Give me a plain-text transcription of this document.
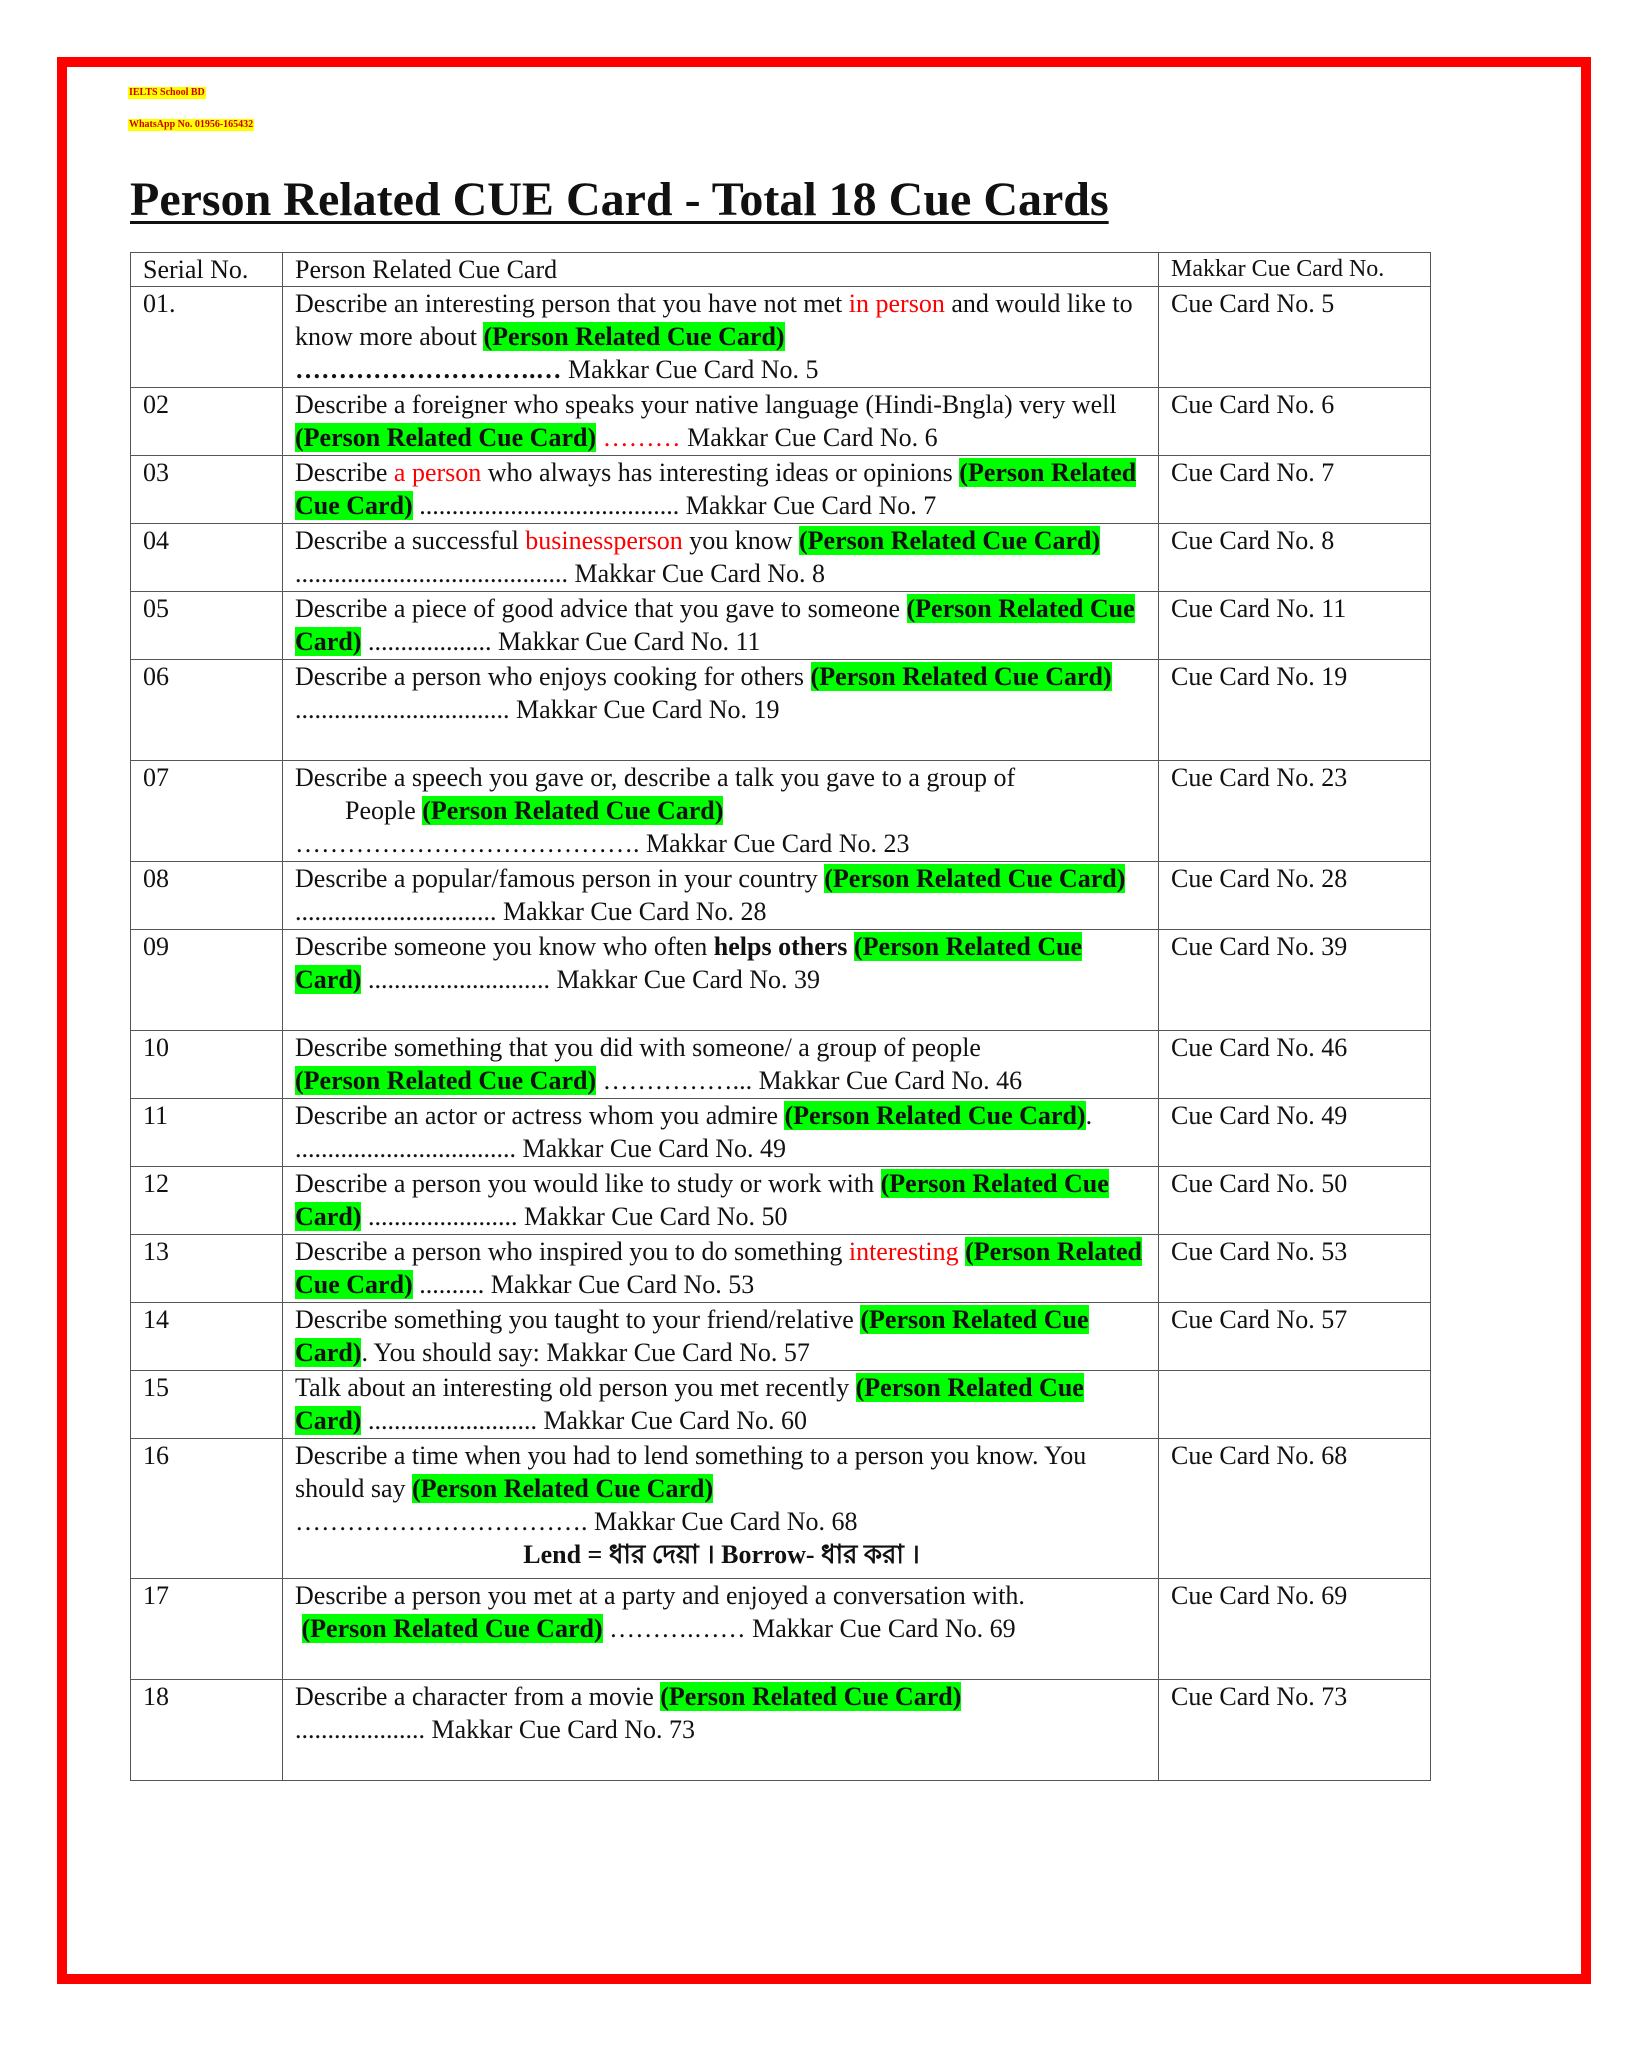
IELTS School BD
WhatsApp No. 01956-165432
Person Related CUE Card - Total 18 Cue Cards
Serial No.	Person Related Cue Card	Makkar Cue Card No.
01.	Describe an interesting person that you have not met in person and would like to know more about (Person Related Cue Card)
……………………….… Makkar Cue Card No. 5	Cue Card No. 5
02	Describe a foreigner who speaks your native language (Hindi-Bngla) very well (Person Related Cue Card) ……… Makkar Cue Card No. 6	Cue Card No. 6
03	Describe a person who always has interesting ideas or opinions (Person Related Cue Card) ........................................ Makkar Cue Card No. 7	Cue Card No. 7
04	Describe a successful businessperson you know (Person Related Cue Card) .......................................... Makkar Cue Card No. 8	Cue Card No. 8
05	Describe a piece of good advice that you gave to someone (Person Related Cue Card) ................... Makkar Cue Card No. 11	Cue Card No. 11
06	Describe a person who enjoys cooking for others (Person Related Cue Card) ................................. Makkar Cue Card No. 19	Cue Card No. 19
07	Describe a speech you gave or, describe a talk you gave to a group of
People (Person Related Cue Card)
…………………………………. Makkar Cue Card No. 23	Cue Card No. 23
08	Describe a popular/famous person in your country (Person Related Cue Card) ............................... Makkar Cue Card No. 28	Cue Card No. 28
09	Describe someone you know who often helps others (Person Related Cue Card) ............................ Makkar Cue Card No. 39	Cue Card No. 39
10	Describe something that you did with someone/ a group of people
(Person Related Cue Card) ……………... Makkar Cue Card No. 46	Cue Card No. 46
11	Describe an actor or actress whom you admire (Person Related Cue Card). .................................. Makkar Cue Card No. 49	Cue Card No. 49
12	Describe a person you would like to study or work with (Person Related Cue Card) ....................... Makkar Cue Card No. 50	Cue Card No. 50
13	Describe a person who inspired you to do something interesting (Person Related Cue Card) .......... Makkar Cue Card No. 53	Cue Card No. 53
14	Describe something you taught to your friend/relative (Person Related Cue Card). You should say: Makkar Cue Card No. 57	Cue Card No. 57
15	Talk about an interesting old person you met recently (Person Related Cue Card) .......................... Makkar Cue Card No. 60	
16	Describe a time when you had to lend something to a person you know. You should say (Person Related Cue Card)
……………………………. Makkar Cue Card No. 68
Lend = ধার দেয়া । Borrow- ধার করা ।	Cue Card No. 68
17	Describe a person you met at a party and enjoyed a conversation with.
(Person Related Cue Card) ……….…… Makkar Cue Card No. 69	Cue Card No. 69
18	Describe a character from a movie (Person Related Cue Card)
.................... Makkar Cue Card No. 73	Cue Card No. 73
